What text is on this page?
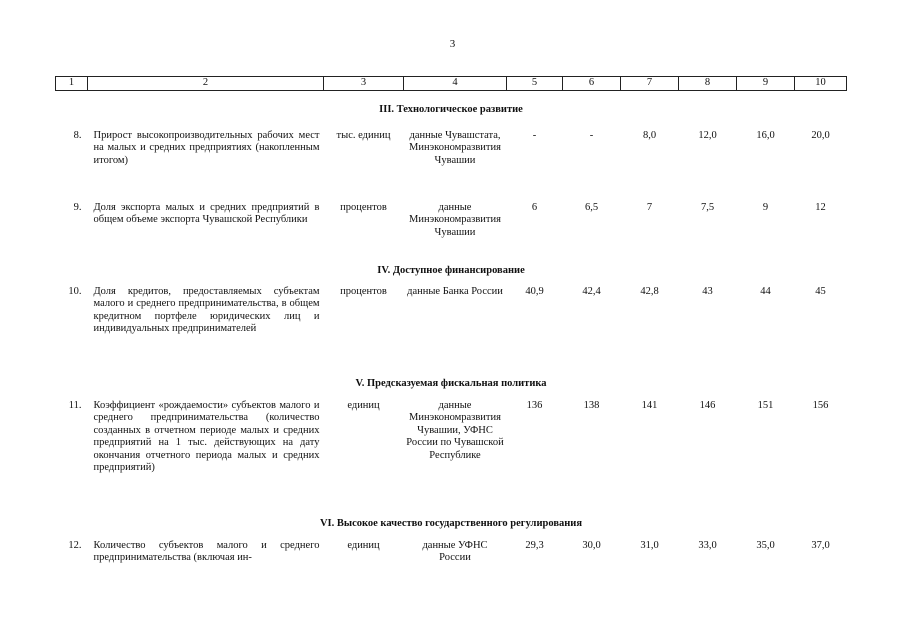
3
1	2	3	4	5	6	7	8	9	10
III. Технологическое развитие									
8.	Прирост высокопроизводительных рабочих мест на малых и средних предприятиях (накопленным итогом)	тыс. единиц	данные Чувашстата, Минэкономразвития Чувашии	-	-	8,0	12,0	16,0	20,0
9.	Доля экспорта малых и средних предприятий в общем объеме экспорта Чувашской Республики	процентов	данные Минэкономразвития Чувашии	6	6,5	7	7,5	9	12
IV. Доступное финансирование									
10.	Доля кредитов, предоставляемых субъектам малого и среднего предпринимательства, в общем кредитном портфеле юридических лиц и индивидуальных предпринимателей	процентов	данные Банка России	40,9	42,4	42,8	43	44	45
V. Предсказуемая фискальная политика									
11.	Коэффициент «рождаемости» субъектов малого и среднего предпринимательства (количество созданных в отчетном периоде малых и средних предприятий на 1 тыс. действующих на дату окончания отчетного периода малых и средних предприятий)	единиц	данные Минэкономразвития Чувашии, УФНС России по Чувашской Республике	136	138	141	146	151	156
VI. Высокое качество государственного регулирования									
12.	Количество субъектов малого и среднего предпринимательства (включая ин-	единиц	данные УФНС России	29,3	30,0	31,0	33,0	35,0	37,0
